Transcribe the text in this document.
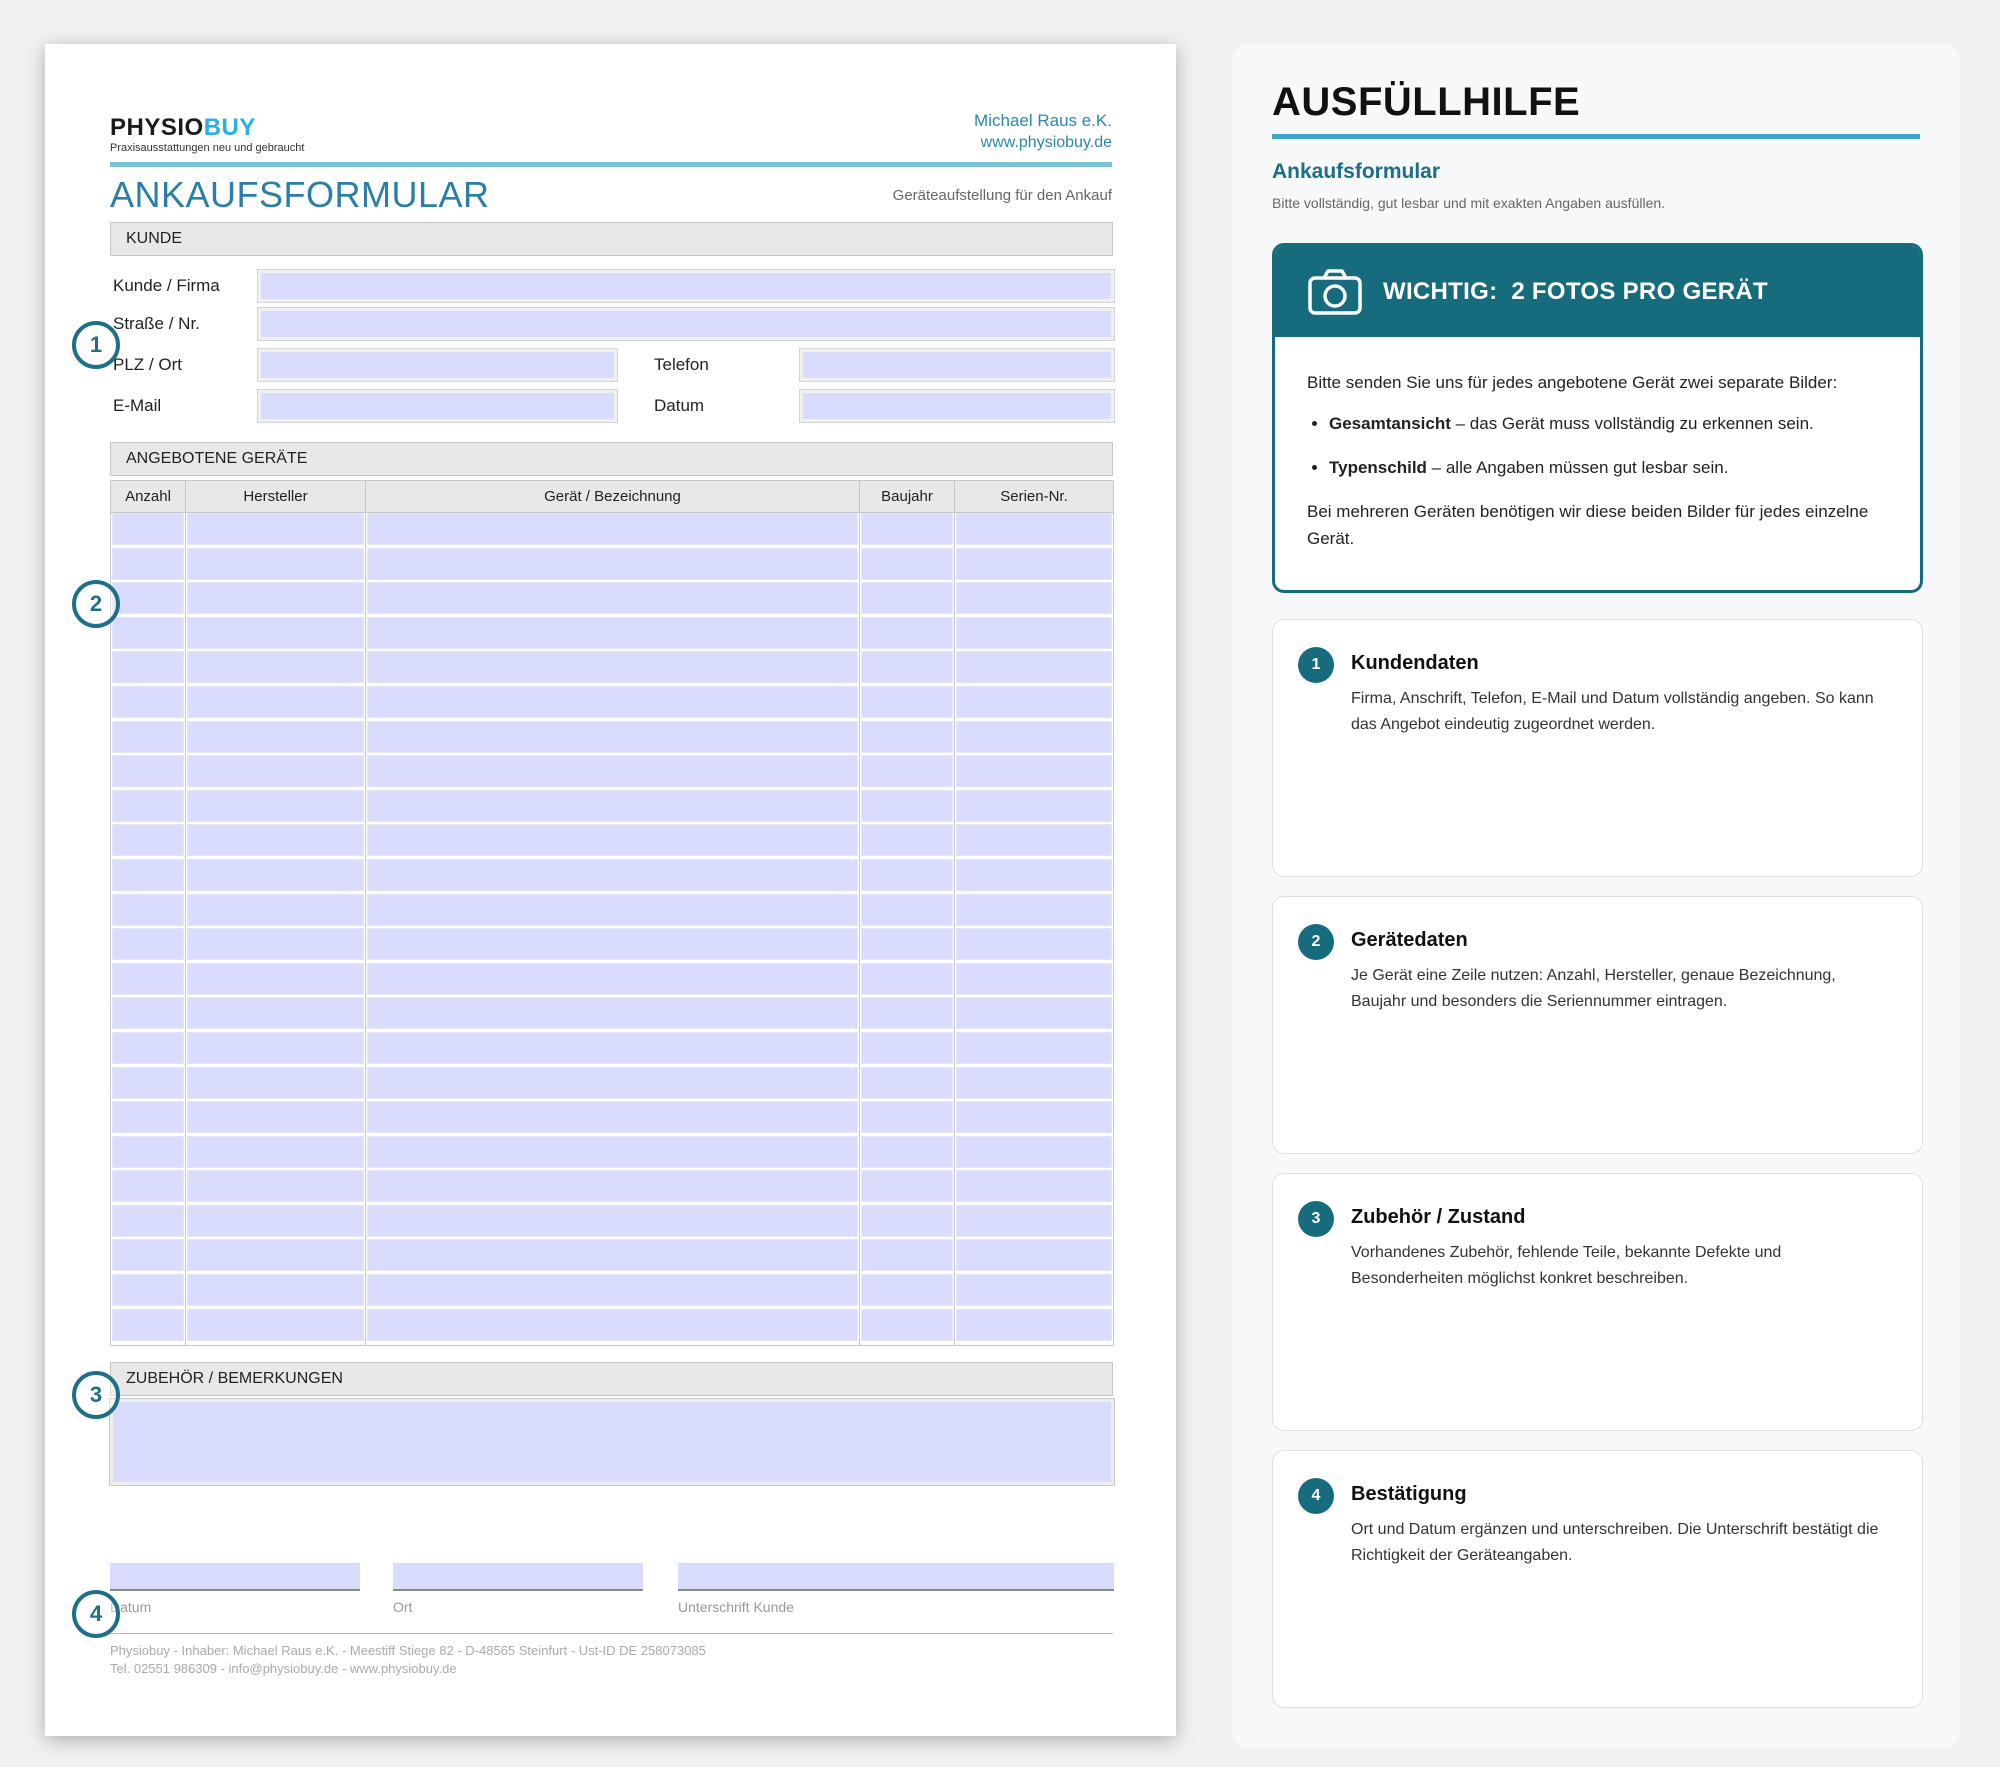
PHYSIOBUY
Praxisausstattungen neu und gebraucht
Michael Raus e.K.
www.physiobuy.de
ANKAUFSFORMULAR	Geräteaufstellung für den Ankauf
KUNDE
Kunde / Firma
Straße / Nr.
PLZ / Ort	Telefon
E-Mail	Datum
ANGEBOTENE GERÄTE
Anzahl	Hersteller	Gerät / Bezeichnung	Baujahr	Serien-Nr.
ZUBEHÖR / BEMERKUNGEN
Datum	Ort	Unterschrift Kunde
Physiobuy - Inhaber: Michael Raus e.K. - Meestiff Stiege 82 - D-48565 Steinfurt - Ust-ID DE 258073085
Tel. 02551 986309 - info@physiobuy.de - www.physiobuy.de
1
2
3
4
AUSFÜLLHILFE
Ankaufsformular
Bitte vollständig, gut lesbar und mit exakten Angaben ausfüllen.
WICHTIG: 2 FOTOS PRO GERÄT

Bitte senden Sie uns für jedes angebotene Gerät zwei separate Bilder:

• Gesamtansicht – das Gerät muss vollständig zu erkennen sein.
• Typenschild – alle Angaben müssen gut lesbar sein.

Bei mehreren Geräten benötigen wir diese beiden Bilder für jedes einzelne Gerät.

1	Kundendaten
Firma, Anschrift, Telefon, E-Mail und Datum vollständig angeben. So kann das Angebot eindeutig zugeordnet werden.
2	Gerätedaten
Je Gerät eine Zeile nutzen: Anzahl, Hersteller, genaue Bezeichnung, Baujahr und besonders die Seriennummer eintragen.
3	Zubehör / Zustand
Vorhandenes Zubehör, fehlende Teile, bekannte Defekte und Besonderheiten möglichst konkret beschreiben.
4	Bestätigung
Ort und Datum ergänzen und unterschreiben. Die Unterschrift bestätigt die Richtigkeit der Geräteangaben.
